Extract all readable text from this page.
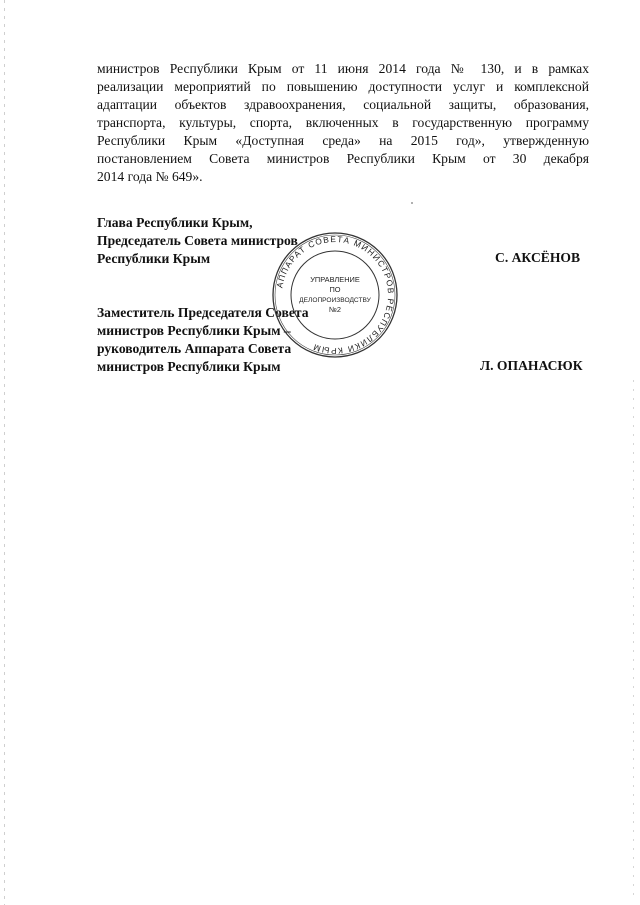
министров Республики Крым от 11 июня 2014 года № 130, и в рамках
реализации мероприятий по повышению доступности услуг и комплексной
адаптации объектов здравоохранения, социальной защиты, образования,
транспорта, культуры, спорта, включенных в государственную программу
Республики Крым «Доступная среда» на 2015 год», утвержденную
постановлением Совета министров Республики Крым от 30 декабря
2014 года № 649».

Глава Республики Крым,
Председатель Совета министров
Республики Крым	С. АКСЁНОВ
Заместитель Председателя Совета
министров Республики Крым –
руководитель Аппарата Совета
министров Республики Крым	Л. ОПАНАСЮК
АППАРАТ СОВЕТА МИНИСТРОВ РЕСПУБЛИКИ КРЫМ
УПРАВЛЕНИЕ
ПО
ДЕЛОПРОИЗВОДСТВУ
№2
